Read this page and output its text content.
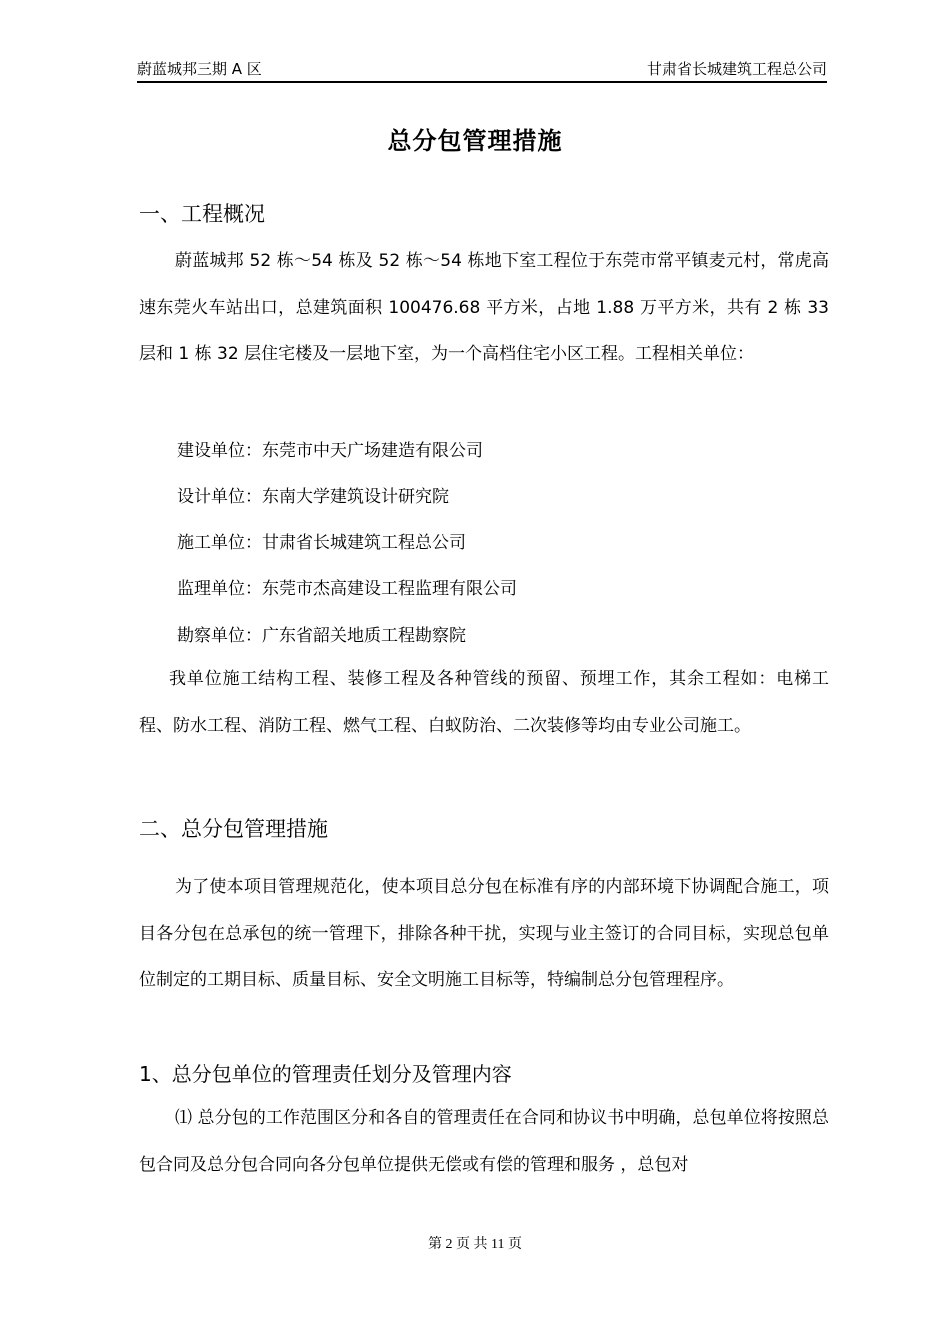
蔚蓝城邦三期 A 区	甘肃省长城建筑工程总公司
总分包管理措施
一、工程概况

蔚蓝城邦 52 栋～54 栋及 52 栋～54 栋地下室工程位于东莞市常平镇麦元村，常虎高速东莞火车站出口，总建筑面积 100476.68 平方米，占地 1.88 万平方米，共有 2 栋 33 层和 1 栋 32 层住宅楼及一层地下室，为一个高档住宅小区工程。工程相关单位：

建设单位：东莞市中天广场建造有限公司
设计单位：东南大学建筑设计研究院
施工单位：甘肃省长城建筑工程总公司
监理单位：东莞市杰高建设工程监理有限公司
勘察单位：广东省韶关地质工程勘察院

我单位施工结构工程、装修工程及各种管线的预留、预埋工作，其余工程如：电梯工程、防水工程、消防工程、燃气工程、白蚁防治、二次装修等均由专业公司施工。

二、总分包管理措施

为了使本项目管理规范化，使本项目总分包在标准有序的内部环境下协调配合施工，项目各分包在总承包的统一管理下，排除各种干扰，实现与业主签订的合同目标，实现总包单位制定的工期目标、质量目标、安全文明施工目标等，特编制总分包管理程序。

1、总分包单位的管理责任划分及管理内容

⑴ 总分包的工作范围区分和各自的管理责任在合同和协议书中明确，总包单位将按照总包合同及总分包合同向各分包单位提供无偿或有偿的管理和服务 ，总包对

第 2 页 共 11 页
